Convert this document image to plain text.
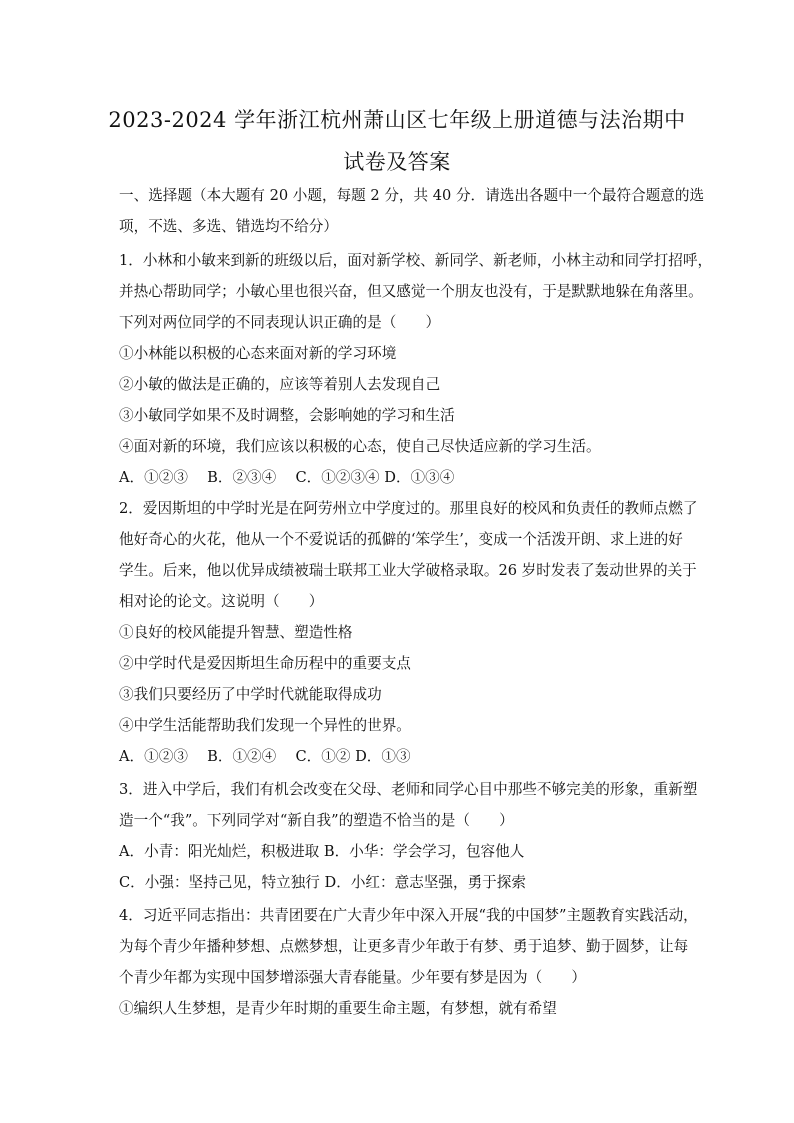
2023-2024 学年浙江杭州萧山区七年级上册道德与法治期中
试卷及答案
一、选择题（本大题有 20 小题，每题 2 分，共 40 分．请选出各题中一个最符合题意的选
项，不选、多选、错选均不给分）
1．小林和小敏来到新的班级以后，面对新学校、新同学、新老师，小林主动和同学打招呼，
并热心帮助同学；小敏心里也很兴奋，但又感觉一个朋友也没有，于是默默地躲在角落里。
下列对两位同学的不同表现认识正确的是（　　）
①小林能以积极的心态来面对新的学习环境
②小敏的做法是正确的，应该等着别人去发现自己
③小敏同学如果不及时调整，会影响她的学习和生活
④面对新的环境，我们应该以积极的心态，使自己尽快适应新的学习生活。
A．①②③　 B．②③④　 C．①②③④ D．①③④
2．爱因斯坦的中学时光是在阿劳州立中学度过的。那里良好的校风和负责任的教师点燃了
他好奇心的火花，他从一个不爱说话的孤僻的‘笨学生’，变成一个活泼开朗、求上进的好
学生。后来，他以优异成绩被瑞士联邦工业大学破格录取。26 岁时发表了轰动世界的关于
相对论的论文。这说明（　　）
①良好的校风能提升智慧、塑造性格
②中学时代是爱因斯坦生命历程中的重要支点
③我们只要经历了中学时代就能取得成功
④中学生活能帮助我们发现一个异性的世界。
A．①②③　 B．①②④　 C．①② D．①③
3．进入中学后，我们有机会改变在父母、老师和同学心目中那些不够完美的形象，重新塑
造一个“我”。下列同学对“新自我”的塑造不恰当的是（　　）
A．小青：阳光灿烂，积极进取 B．小华：学会学习，包容他人
C．小强：坚持己见，特立独行 D．小红：意志坚强，勇于探索
4．习近平同志指出：共青团要在广大青少年中深入开展“我的中国梦”主题教育实践活动，
为每个青少年播种梦想、点燃梦想，让更多青少年敢于有梦、勇于追梦、勤于圆梦，让每
个青少年都为实现中国梦增添强大青春能量。少年要有梦是因为（　　）
①编织人生梦想，是青少年时期的重要生命主题，有梦想，就有希望
